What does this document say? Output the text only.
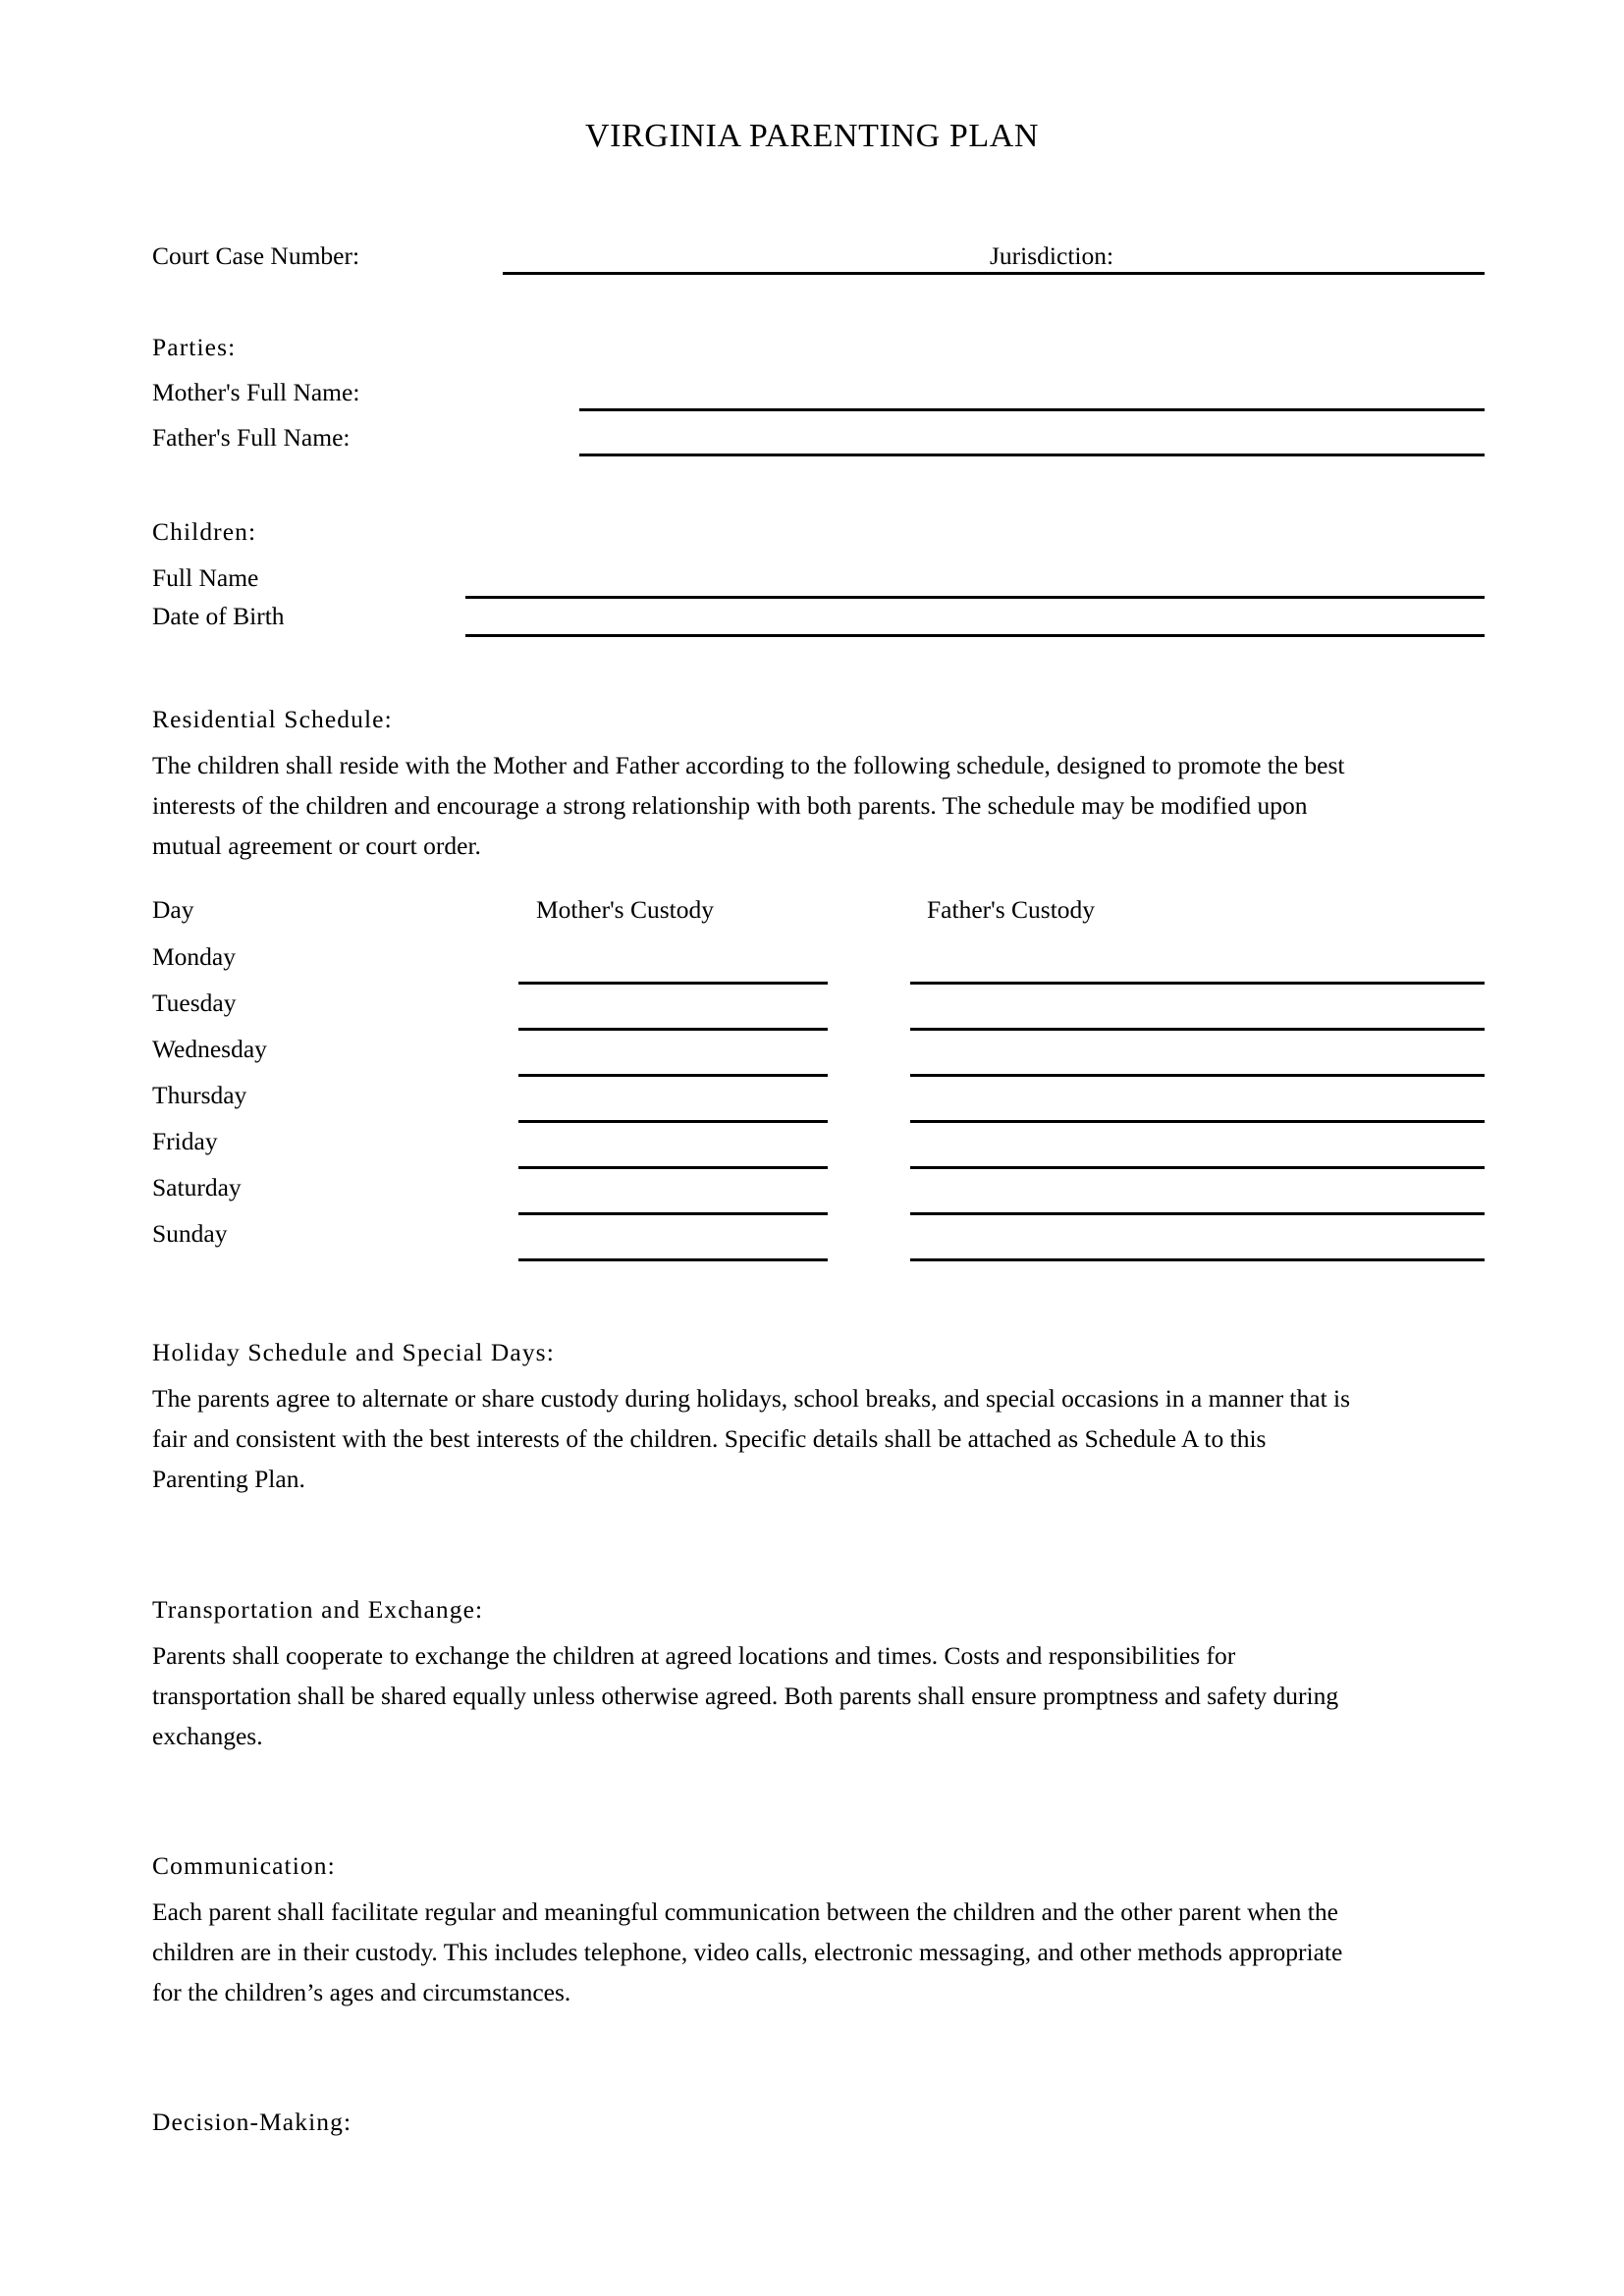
VIRGINIA PARENTING PLAN
Court Case Number:	Jurisdiction:
Parties:
Mother's Full Name:
Father's Full Name:
Children:
Full Name
Date of Birth
Residential Schedule:
The children shall reside with the Mother and Father according to the following schedule, designed to promote the best
interests of the children and encourage a strong relationship with both parents. The schedule may be modified upon
mutual agreement or court order.
Day	Mother's Custody	Father's Custody
Monday
Tuesday
Wednesday
Thursday
Friday
Saturday
Sunday
Holiday Schedule and Special Days:
The parents agree to alternate or share custody during holidays, school breaks, and special occasions in a manner that is
fair and consistent with the best interests of the children. Specific details shall be attached as Schedule A to this
Parenting Plan.
Transportation and Exchange:
Parents shall cooperate to exchange the children at agreed locations and times. Costs and responsibilities for
transportation shall be shared equally unless otherwise agreed. Both parents shall ensure promptness and safety during
exchanges.
Communication:
Each parent shall facilitate regular and meaningful communication between the children and the other parent when the
children are in their custody. This includes telephone, video calls, electronic messaging, and other methods appropriate
for the children’s ages and circumstances.
Decision-Making:
